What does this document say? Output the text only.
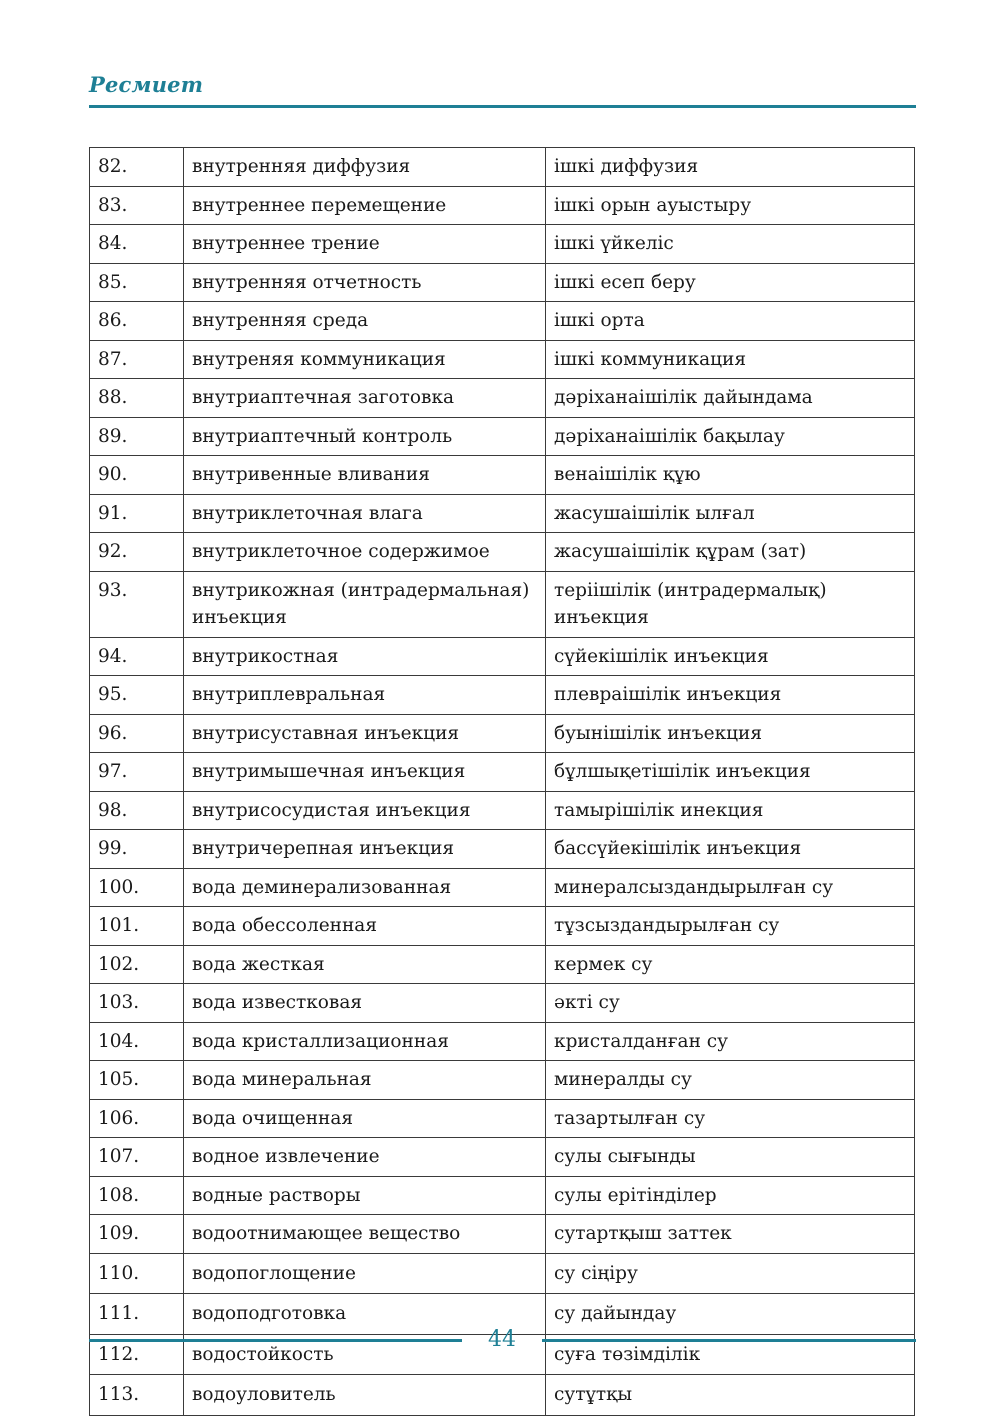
Ресмиет
82.	внутренняя диффузия	ішкі диффузия
83.	внутреннее перемещение	ішкі орын ауыстыру
84.	внутреннее трение	ішкі үйкеліс
85.	внутренняя отчетность	ішкі есеп беру
86.	внутренняя среда	ішкі орта
87.	внутреняя коммуникация	ішкі коммуникация
88.	внутриаптечная заготовка	дәріханаішілік дайындама
89.	внутриаптечный контроль	дәріханаішілік бақылау
90.	внутривенные вливания	венаішілік құю
91.	внутриклеточная влага	жасушаішілік ылғал
92.	внутриклеточное содержимое	жасушаішілік құрам (зат)
93.	внутрикожная (интрадермальная) инъекция	теріішілік (интрадермалық) инъекция
94.	внутрикостная	сүйекішілік инъекция
95.	внутриплевральная	плевраішілік инъекция
96.	внутрисуставная инъекция	буынішілік инъекция
97.	внутримышечная инъекция	бұлшықетішілік инъекция
98.	внутрисосудистая инъекция	тамырішілік инекция
99.	внутричерепная инъекция	бассүйекішілік инъекция
100.	вода деминерализованная	минералсыздандырылған су
101.	вода обессоленная	тұзсыздандырылған су
102.	вода жесткая	кермек су
103.	вода известковая	әкті су
104.	вода кристаллизационная	кристалданған су
105.	вода минеральная	минералды су
106.	вода очищенная	тазартылған су
107.	водное извлечение	сулы сығынды
108.	водные растворы	сулы ерітінділер
109.	водоотнимающее вещество	сутартқыш заттек
110.	водопоглощение	су сіңіру
111.	водоподготовка	су дайындау
112.	водостойкость	суға төзімділік
113.	водоуловитель	сутұтқы
44
